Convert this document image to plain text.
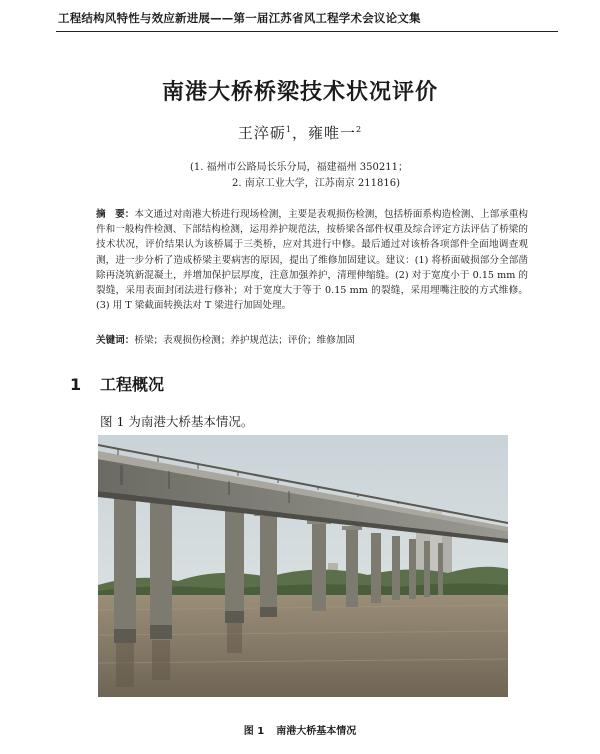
工程结构风特性与效应新进展——第一届江苏省风工程学术会议论文集
南港大桥桥梁技术状况评价
王淬砺$^1$，雍唯一$^2$
(1. 福州市公路局长乐分局，福建福州 350211；
2. 南京工业大学，江苏南京 211816)
摘　要：本文通过对南港大桥进行现场检测，主要是表观损伤检测，包括桥面系构造检测、上部承重构件和一般构件检测、下部结构检测，运用养护规范法，按桥梁各部件权重及综合评定方法评估了桥梁的技术状况，评价结果认为该桥属于三类桥，应对其进行中修。最后通过对该桥各项部件全面地调查观测，进一步分析了造成桥梁主要病害的原因，提出了维修加固建议。建议：(1) 将桥面破损部分全部凿除再浇筑新混凝土，并增加保护层厚度，注意加强养护，清理伸缩缝。(2) 对于宽度小于 0.15 mm 的裂缝，采用表面封闭法进行修补；对于宽度大于等于 0.15 mm 的裂缝，采用埋嘴注胶的方式维修。(3) 用 T 梁截面转换法对 T 梁进行加固处理。
关键词：桥梁；表观损伤检测；养护规范法；评价；维修加固
1 工程概况
图 1 为南港大桥基本情况。
图 1 南港大桥基本情况
